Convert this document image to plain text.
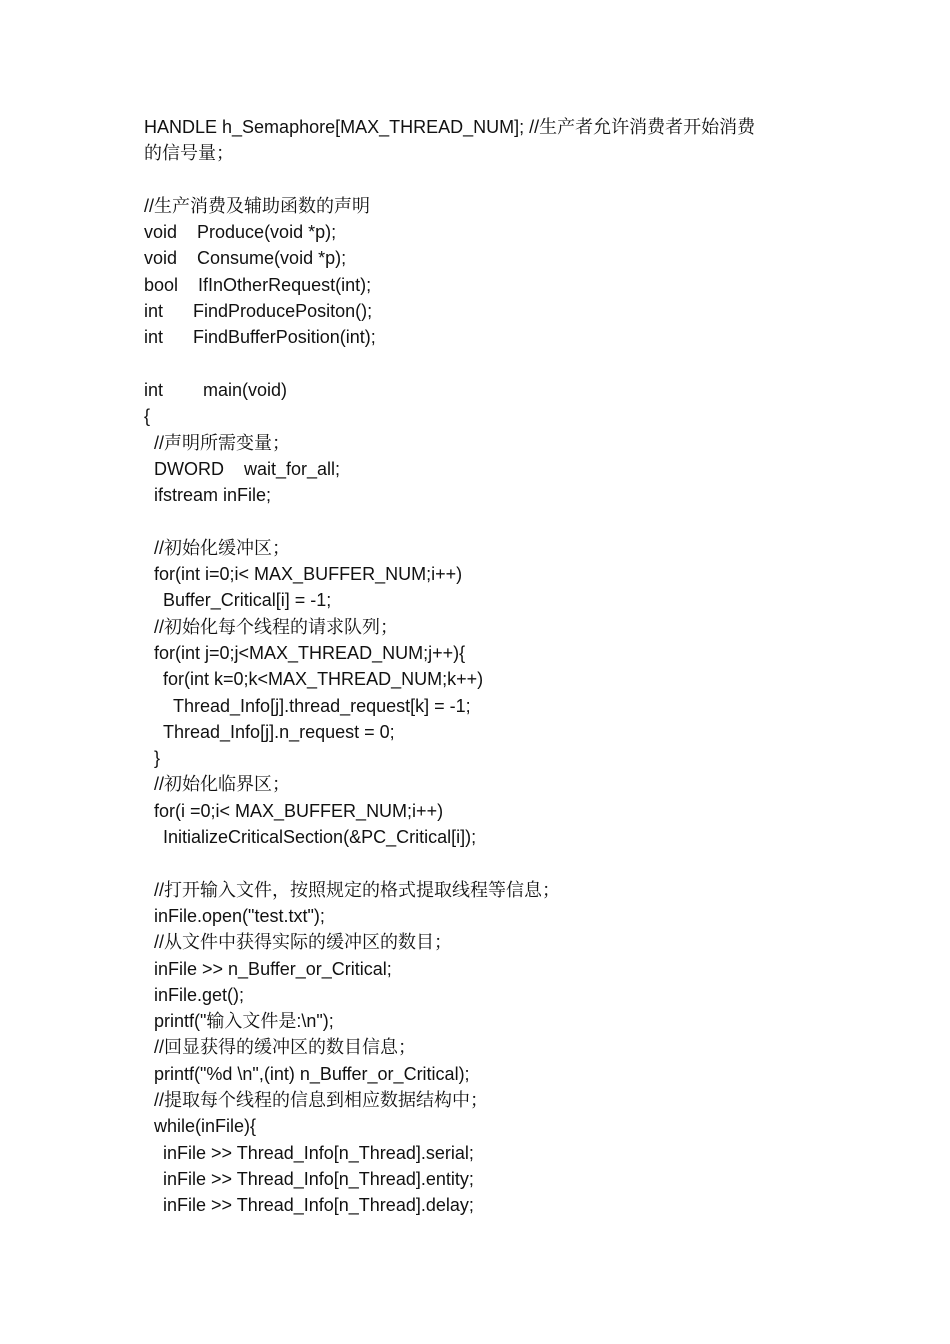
HANDLE h_Semaphore[MAX_THREAD_NUM]; //生产者允许消费者开始消费
的信号量；
//生产消费及辅助函数的声明
void    Produce(void *p);
void    Consume(void *p);
bool    IfInOtherRequest(int);
int      FindProducePositon();
int      FindBufferPosition(int);
int        main(void)
{
//声明所需变量；
DWORD    wait_for_all;
ifstream inFile;
//初始化缓冲区；
for(int i=0;i< MAX_BUFFER_NUM;i++)
Buffer_Critical[i] = -1;
//初始化每个线程的请求队列；
for(int j=0;j<MAX_THREAD_NUM;j++){
for(int k=0;k<MAX_THREAD_NUM;k++)
Thread_Info[j].thread_request[k] = -1;
Thread_Info[j].n_request = 0;
}
//初始化临界区；
for(i =0;i< MAX_BUFFER_NUM;i++)
InitializeCriticalSection(&PC_Critical[i]);
//打开输入文件，按照规定的格式提取线程等信息；
inFile.open("test.txt");
//从文件中获得实际的缓冲区的数目；
inFile >> n_Buffer_or_Critical;
inFile.get();
printf("输入文件是:\n");
//回显获得的缓冲区的数目信息；
printf("%d \n",(int) n_Buffer_or_Critical);
//提取每个线程的信息到相应数据结构中；
while(inFile){
inFile >> Thread_Info[n_Thread].serial;
inFile >> Thread_Info[n_Thread].entity;
inFile >> Thread_Info[n_Thread].delay;
